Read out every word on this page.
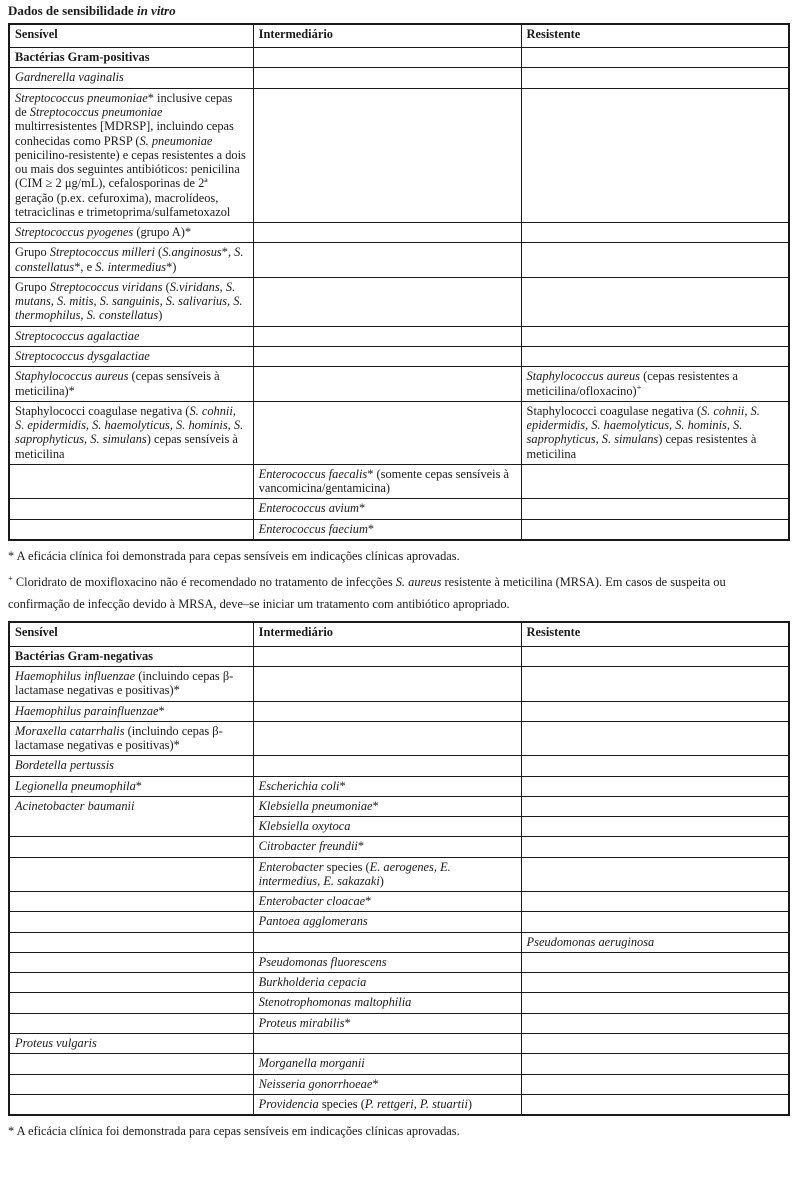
Dados de sensibilidade in vitro
Sensível	Intermediário	Resistente
Bactérias Gram-positivas		
Gardnerella vaginalis		
Streptococcus pneumoniae* inclusive cepas de Streptococcus pneumoniae multirresistentes [MDRSP], incluindo cepas conhecidas como PRSP (S. pneumoniae penicilino-resistente) e cepas resistentes a dois ou mais dos seguintes antibióticos: penicilina (CIM ≥ 2 μg/mL), cefalosporinas de 2ª geração (p.ex. cefuroxima), macrolídeos, tetraciclinas e trimetoprima/sulfametoxazol		
Streptococcus pyogenes (grupo A)*		
Grupo Streptococcus milleri (S.anginosus*, S. constellatus*, e S. intermedius*)		
Grupo Streptococcus viridans (S.viridans, S. mutans, S. mitis, S. sanguinis, S. salivarius, S. thermophilus, S. constellatus)		
Streptococcus agalactiae		
Streptococcus dysgalactiae		
Staphylococcus aureus (cepas sensíveis à meticilina)*		Staphylococcus aureus (cepas resistentes a meticilina/ofloxacino)+
Staphylococci coagulase negativa (S. cohnii, S. epidermidis, S. haemolyticus, S. hominis, S. saprophyticus, S. simulans) cepas sensíveis à meticilina		Staphylococci coagulase negativa (S. cohnii, S. epidermidis, S. haemolyticus, S. hominis, S. saprophyticus, S. simulans) cepas resistentes à meticilina
	Enterococcus faecalis* (somente cepas sensíveis à vancomicina/gentamicina)	
	Enterococcus avium*	
	Enterococcus faecium*	

* A eficácia clínica foi demonstrada para cepas sensíveis em indicações clínicas aprovadas.

+ Cloridrato de moxifloxacino não é recomendado no tratamento de infecções S. aureus resistente à meticilina (MRSA). Em casos de suspeita ou confirmação de infecção devido à MRSA, deve–se iniciar um tratamento com antibiótico apropriado.

Sensível	Intermediário	Resistente
Bactérias Gram-negativas		
Haemophilus influenzae (incluindo cepas β-lactamase negativas e positivas)*		
Haemophilus parainfluenzae*		
Moraxella catarrhalis (incluindo cepas β-lactamase negativas e positivas)*		
Bordetella pertussis		
Legionella pneumophila*	Escherichia coli*	
Acinetobacter baumanii	Klebsiella pneumoniae*	
	Klebsiella oxytoca	
	Citrobacter freundii*	
	Enterobacter species (E. aerogenes, E. intermedius, E. sakazaki)	
	Enterobacter cloacae*	
	Pantoea agglomerans	
		Pseudomonas aeruginosa
	Pseudomonas fluorescens	
	Burkholderia cepacia	
	Stenotrophomonas maltophilia	
	Proteus mirabilis*	
Proteus vulgaris		
	Morganella morganii	
	Neisseria gonorrhoeae*	
	Providencia species (P. rettgeri, P. stuartii)	

* A eficácia clínica foi demonstrada para cepas sensíveis em indicações clínicas aprovadas.
